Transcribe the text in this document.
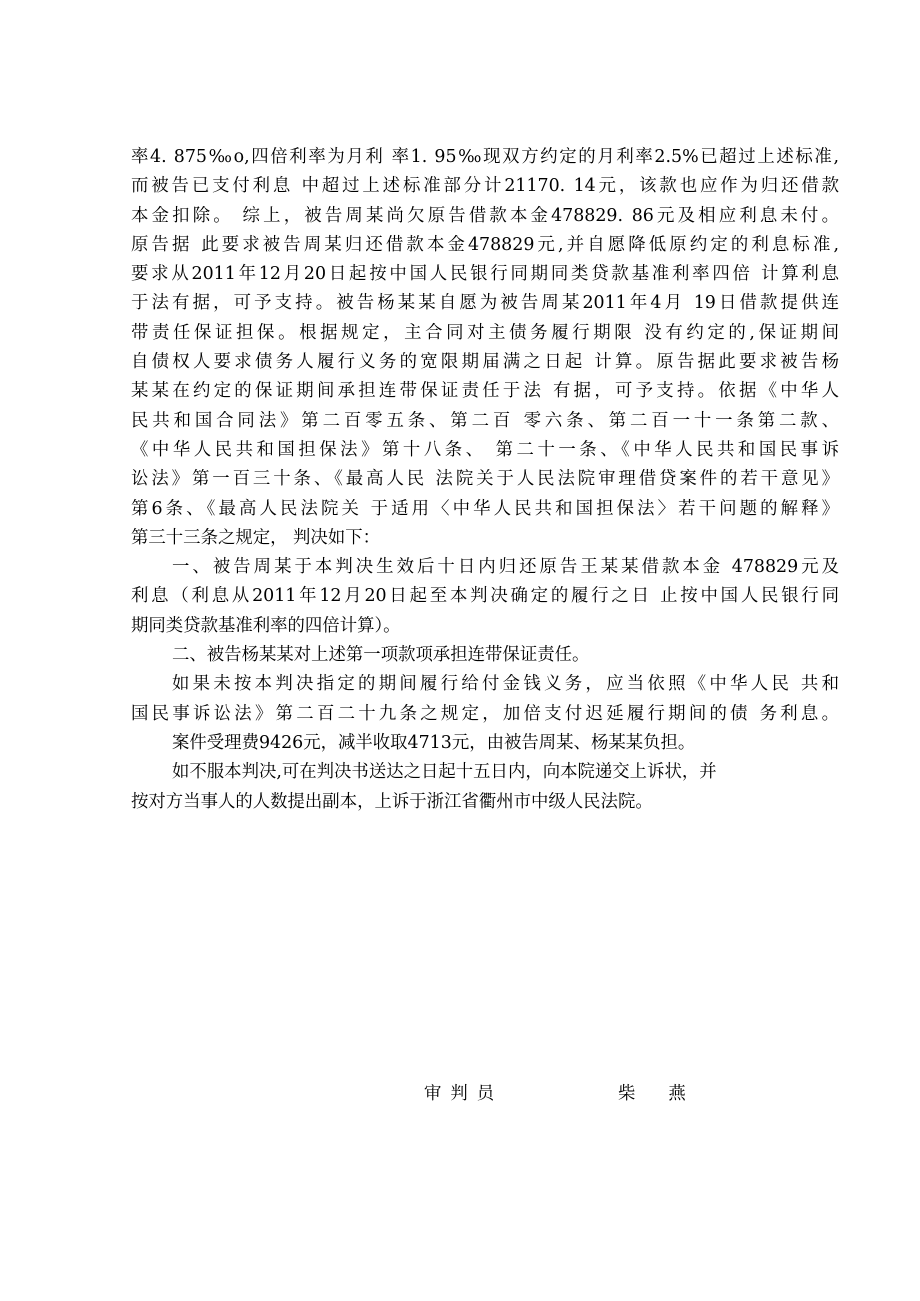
率4. 875‰o,四倍利率为月利 率1. 95‰现双方约定的月利率2.5%已超过上述标准,
而被告已支付利息 中超过上述标准部分计21170. 14元，该款也应作为归还借款
本金扣除。 综上，被告周某尚欠原告借款本金478829. 86元及相应利息未付。
原告据 此要求被告周某归还借款本金478829元,并自愿降低原约定的利息标准,
要求从2011年12月20日起按中国人民银行同期同类贷款基准利率四倍 计算利息
于法有据，可予支持。被告杨某某自愿为被告周某2011年4月 19日借款提供连
带责任保证担保。根据规定，主合同对主债务履行期限 没有约定的,保证期间
自债权人要求债务人履行义务的宽限期届满之日起 计算。原告据此要求被告杨
某某在约定的保证期间承担连带保证责任于法 有据，可予支持。依据《中华人
民共和国合同法》第二百零五条、第二百 零六条、第二百一十一条第二款、
《中华人民共和国担保法》第十八条、 第二十一条、《中华人民共和国民事诉
讼法》第一百三十条、《最高人民 法院关于人民法院审理借贷案件的若干意见》
第6条、《最高人民法院关 于适用〈中华人民共和国担保法〉若干问题的解释》
第三十三条之规定， 判决如下：
一、被告周某于本判决生效后十日内归还原告王某某借款本金 478829元及
利息（利息从2011年12月20日起至本判决确定的履行之日 止按中国人民银行同
期同类贷款基准利率的四倍计算）。
二、被告杨某某对上述第一项款项承担连带保证责任。
如果未按本判决指定的期间履行给付金钱义务，应当依照《中华人民 共和
国民事诉讼法》第二百二十九条之规定，加倍支付迟延履行期间的债 务利息。
案件受理费9426元，减半收取4713元，由被告周某、杨某某负担。
如不服本判决,可在判决书送达之日起十五日内，向本院递交上诉状，并
按对方当事人的人数提出副本，上诉于浙江省衢州市中级人民法院。
审判员	柴燕
